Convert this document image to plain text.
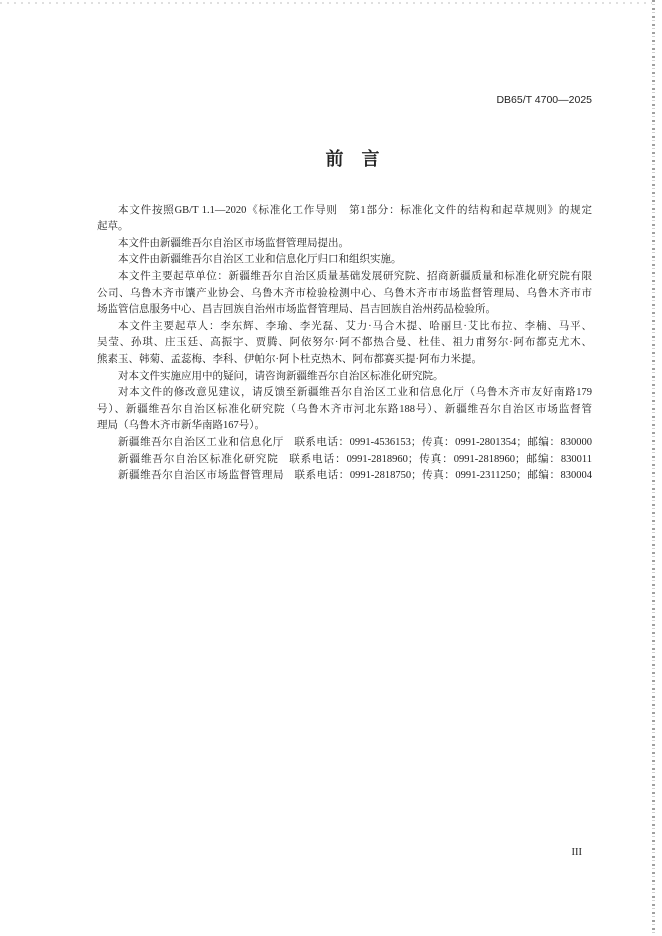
DB65/T 4700—2025
前　言
本文件按照GB/T 1.1—2020《标准化工作导则　第1部分：标准化文件的结构和起草规则》的规定
起草。
本文件由新疆维吾尔自治区市场监督管理局提出。
本文件由新疆维吾尔自治区工业和信息化厅归口和组织实施。
本文件主要起草单位：新疆维吾尔自治区质量基础发展研究院、招商新疆质量和标准化研究院有限
公司、乌鲁木齐市馕产业协会、乌鲁木齐市检验检测中心、乌鲁木齐市市场监督管理局、乌鲁木齐市市
场监管信息服务中心、昌吉回族自治州市场监督管理局、昌吉回族自治州药品检验所。
本文件主要起草人：李东辉、李瑜、李光磊、艾力·马合木提、哈丽旦·艾比布拉、李楠、马平、
吴莹、孙琪、庄玉廷、高振宇、贾腾、阿依努尔·阿不都热合曼、杜佳、祖力甫努尔·阿布都克尤木、
熊素玉、韩菊、孟蕊梅、李科、伊帕尔·阿卜杜克热木、阿布都赛买提·阿布力米提。
对本文件实施应用中的疑问，请咨询新疆维吾尔自治区标准化研究院。
对本文件的修改意见建议，请反馈至新疆维吾尔自治区工业和信息化厅（乌鲁木齐市友好南路179
号）、新疆维吾尔自治区标准化研究院（乌鲁木齐市河北东路188号）、新疆维吾尔自治区市场监督管
理局（乌鲁木齐市新华南路167号）。
新疆维吾尔自治区工业和信息化厅 联系电话：0991-4536153；传真：0991-2801354；邮编：830000
新疆维吾尔自治区标准化研究院 联系电话：0991-2818960；传真：0991-2818960；邮编：830011
新疆维吾尔自治区市场监督管理局 联系电话：0991-2818750；传真：0991-2311250；邮编：830004
III
